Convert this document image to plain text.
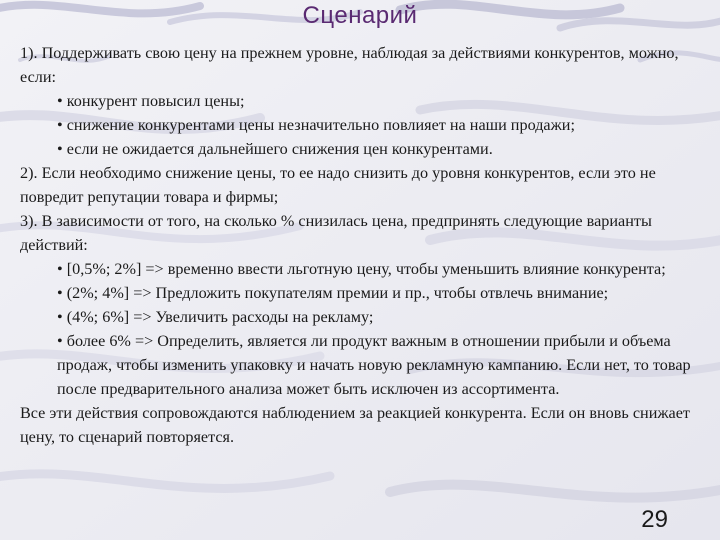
Сценарий

1). Поддерживать свою цену на прежнем уровне, наблюдая за действиями конкурентов, можно, если:

• конкурент повысил цены;
• снижение конкурентами цены незначительно повлияет на наши продажи;
• если не ожидается дальнейшего снижения цен конкурентами.

2). Если необходимо снижение цены, то ее надо снизить до уровня конкурентов, если это не повредит репутации товара и фирмы;

3). В зависимости от того, на сколько % снизилась цена, предпринять следующие варианты действий:

• [0,5%; 2%] => временно ввести льготную цену, чтобы уменьшить влияние конкурента;
• (2%; 4%] => Предложить покупателям премии и пр., чтобы отвлечь внимание;
• (4%; 6%] => Увеличить расходы на рекламу;
• более 6% => Определить, является ли продукт важным в отношении прибыли и объема продаж, чтобы изменить упаковку и начать новую рекламную кампанию. Если нет, то товар после предварительного анализа может быть исключен из ассортимента.

Все эти действия сопровождаются наблюдением за реакцией конкурента. Если он вновь снижает цену, то сценарий повторяется.

29
